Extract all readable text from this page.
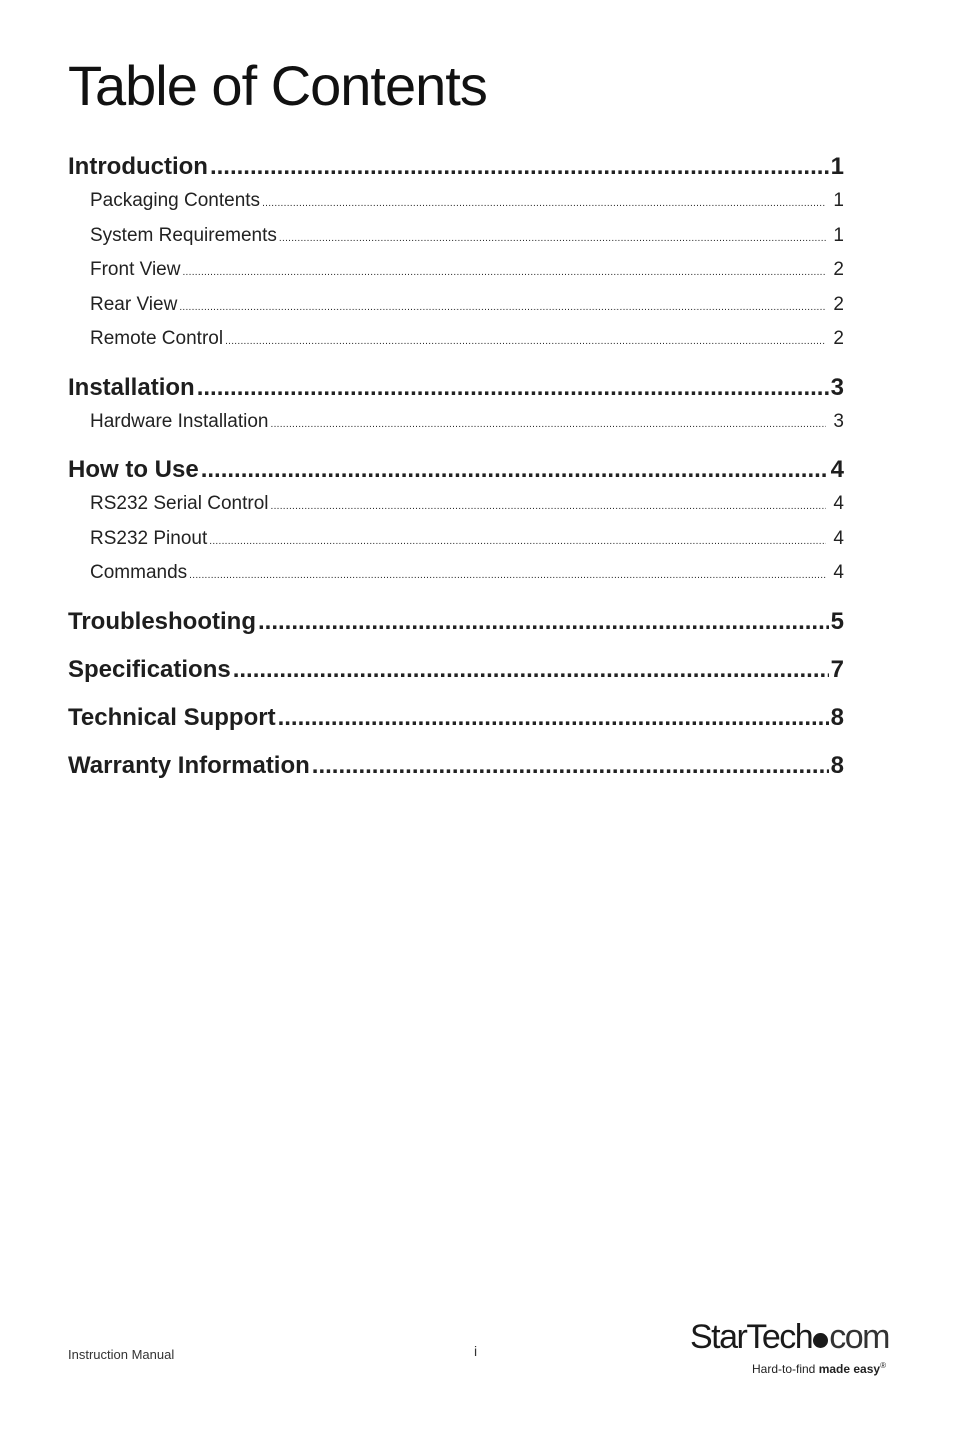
Table of Contents
Introduction .....	1
Packaging Contents .....	1
System Requirements .....	1
Front View .....	2
Rear View .....	2
Remote Control .....	2
Installation .....	3
Hardware Installation .....	3
How to Use .....	4
RS232 Serial Control .....	4
RS232 Pinout .....	4
Commands .....	4
Troubleshooting .....	5
Specifications .....	7
Technical Support .....	8
Warranty Information .....	8
Instruction Manual	i	StarTech com
Hard-to-find made easy®
